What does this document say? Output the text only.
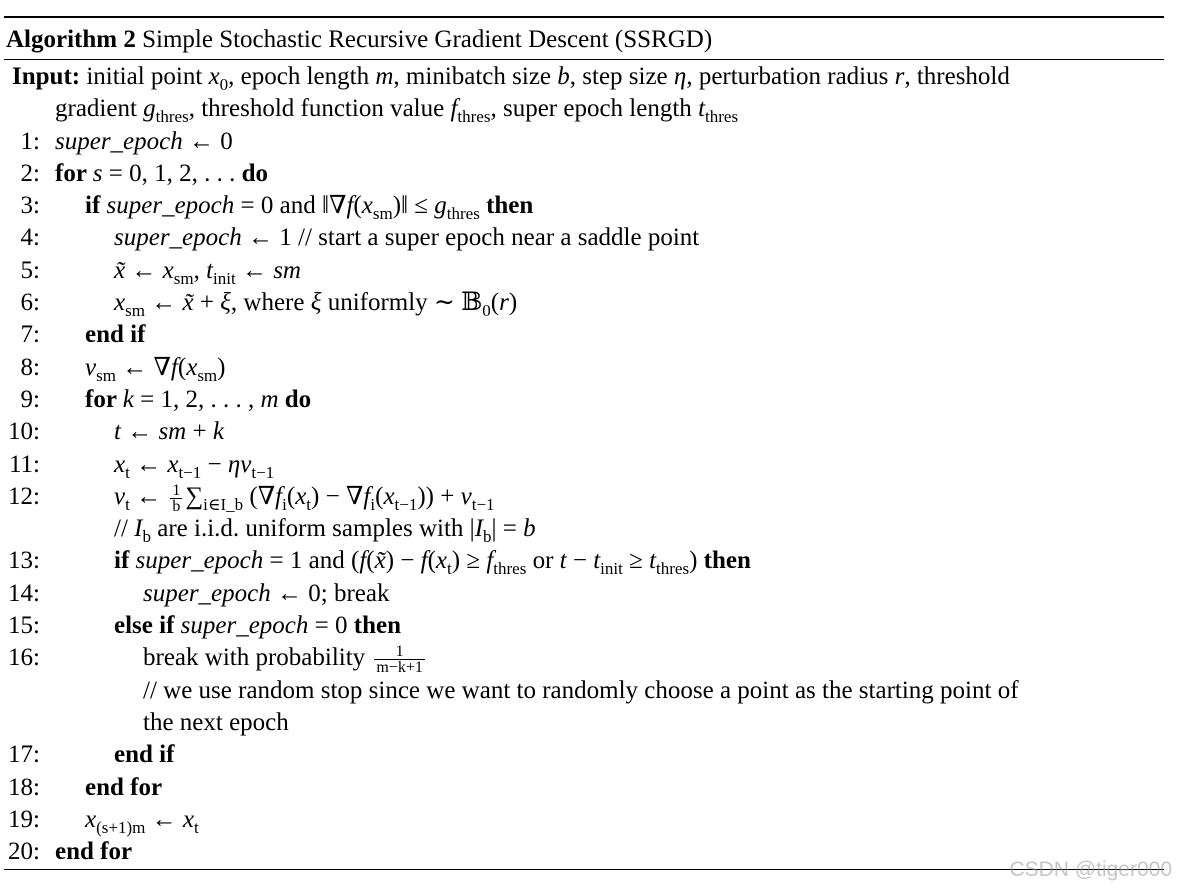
Algorithm 2 Simple Stochastic Recursive Gradient Descent (SSRGD)
Input: initial point $x_0$, epoch length m, minibatch size b, step size η, perturbation radius r, threshold
gradient $g_{thres}$, threshold function value $f_{thres}$, super epoch length $t_{thres}$
1: super_epoch ← 0
2: for s = 0, 1, 2, . . . do
3: if super_epoch = 0 and $‖\nabla f(x_{sm})‖ \le g_{thres}$ then
4:	super_epoch ← 1 // start a super epoch near a saddle point
5:	x̃ ← $x_{sm}$, $t_{init}$ ← sm
6:	$x_{sm}$ ← x̃ + ξ, where ξ uniformly ∼ 𝔹$_0$(r)
7: end if
8: $v_{sm}$ ← $\nabla f(x_{sm})$
9: for k = 1, 2, . . . , m do
10:	t ← sm + k
11:	$x_t$ ← $x_{t-1} - \eta v_{t-1}$
12:	$v_t$ ← $\frac{1}{b} \sum_{i\in I\_b}$ $(\nabla f_i(x_t) - \nabla f_i(x_{t-1})) + v_{t-1}$
// $I_b$ are i.i.d. uniform samples with $|I_b| = b$
13:	if super_epoch = 1 and (f(x̃) − $f(x_t) \ge f_{thres}$ or $t - t_{init} \ge t_{thres}$) then
14:	super_epoch ← 0; break
15:	else if super_epoch = 0 then
16:	break with probability $\frac{1}{m-k+1}$
// we use random stop since we want to randomly choose a point as the starting point of
the next epoch
17:	end if
18: end for
19: $x_{(s+1)m}$ ← $x_t$
20: end for
CSDN @tiger000
